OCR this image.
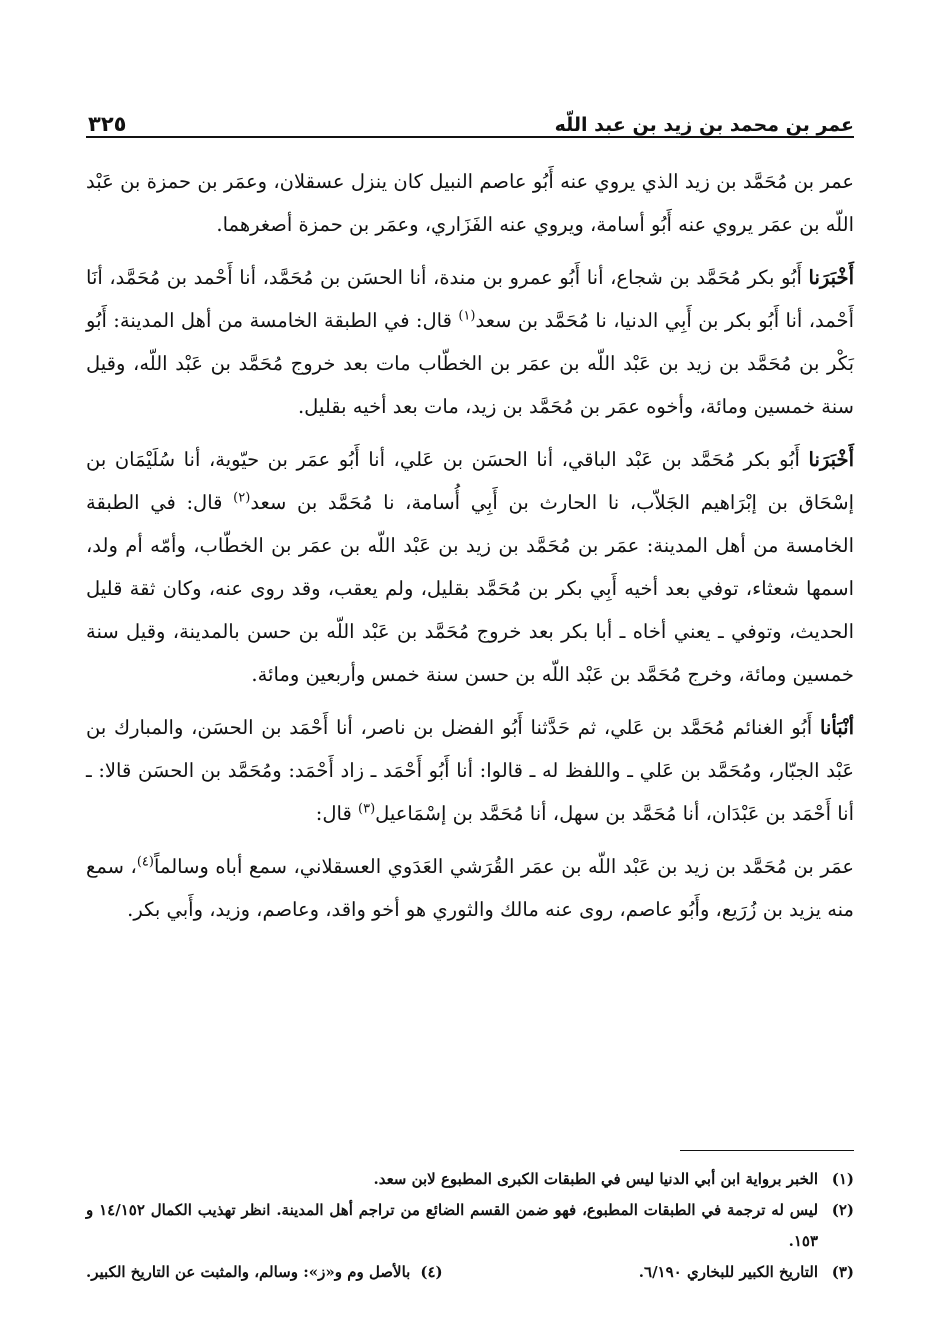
عمر بن محمد بن زيد بن عبد اللّه
٣٢٥

عمر بن مُحَمَّد بن زيد الذي يروي عنه أَبُو عاصم النبيل كان ينزل عسقلان، وعمَر بن حمزة بن عَبْد اللّه بن عمَر يروي عنه أَبُو أسامة، ويروي عنه الفَزَاري، وعمَر بن حمزة أصغرهما.

أَخْبَرَنا أَبُو بكر مُحَمَّد بن شجاع، أنا أَبُو عمرو بن مندة، أنا الحسَن بن مُحَمَّد، أنا أَحْمد بن مُحَمَّد، أنَا أَحْمد، أنا أَبُو بكر بن أَبِي الدنيا، نا مُحَمَّد بن سعد$^{(١)}$ قال: في الطبقة الخامسة من أهل المدينة: أَبُو بَكْر بن مُحَمَّد بن زيد بن عَبْد اللّه بن عمَر بن الخطّاب مات بعد خروج مُحَمَّد بن عَبْد اللّه، وقيل سنة خمسين ومائة، وأخوه عمَر بن مُحَمَّد بن زيد، مات بعد أخيه بقليل.

أَخْبَرَنا أَبُو بكر مُحَمَّد بن عَبْد الباقي، أنا الحسَن بن عَلي، أنا أَبُو عمَر بن حيّوية، أنا سُلَيْمَان بن إسْحَاق بن إبْرَاهيم الجَلاّب، نا الحارث بن أَبِي أُسامة، نا مُحَمَّد بن سعد$^{(٢)}$ قال: في الطبقة الخامسة من أهل المدينة: عمَر بن مُحَمَّد بن زيد بن عَبْد اللّه بن عمَر بن الخطّاب، وأمّه أم ولد، اسمها شعثاء، توفي بعد أخيه أَبِي بكر بن مُحَمَّد بقليل، ولم يعقب، وقد روى عنه، وكان ثقة قليل الحديث، وتوفي ـ يعني أخاه ـ أبا بكر بعد خروج مُحَمَّد بن عَبْد اللّه بن حسن بالمدينة، وقيل سنة خمسين ومائة، وخرج مُحَمَّد بن عَبْد اللّه بن حسن سنة خمس وأربعين ومائة.

أنْبَأنا أَبُو الغنائم مُحَمَّد بن عَلي، ثم حَدَّثنا أَبُو الفضل بن ناصر، أنا أَحْمَد بن الحسَن، والمبارك بن عَبْد الجبّار، ومُحَمَّد بن عَلي ـ واللفظ له ـ قالوا: أنا أَبُو أَحْمَد ـ زاد أَحْمَد: ومُحَمَّد بن الحسَن قالا: ـ أنا أَحْمَد بن عَبْدَان، أنا مُحَمَّد بن سهل، أنا مُحَمَّد بن إسْمَاعيل$^{(٣)}$ قال:

عمَر بن مُحَمَّد بن زيد بن عَبْد اللّه بن عمَر القُرَشي العَدَوي العسقلاني، سمع أباه وسالماً$^{(٤)}$، سمع منه يزيد بن زُرَيع، وأَبُو عاصم، روى عنه مالك والثوري هو أخو واقد، وعاصم، وزيد، وأَبي بكر.

(١)
الخبر برواية ابن أبي الدنيا ليس في الطبقات الكبرى المطبوع لابن سعد.
(٢)
ليس له ترجمة في الطبقات المطبوع، فهو ضمن القسم الضائع من تراجم أهل المدينة. انظر تهذيب الكمال ١٤/١٥٢ و ١٥٣.
(٣)
التاريخ الكبير للبخاري ٦/١٩٠.
(٤)
بالأصل وم و«ز»: وسالم، والمثبت عن التاريخ الكبير.
